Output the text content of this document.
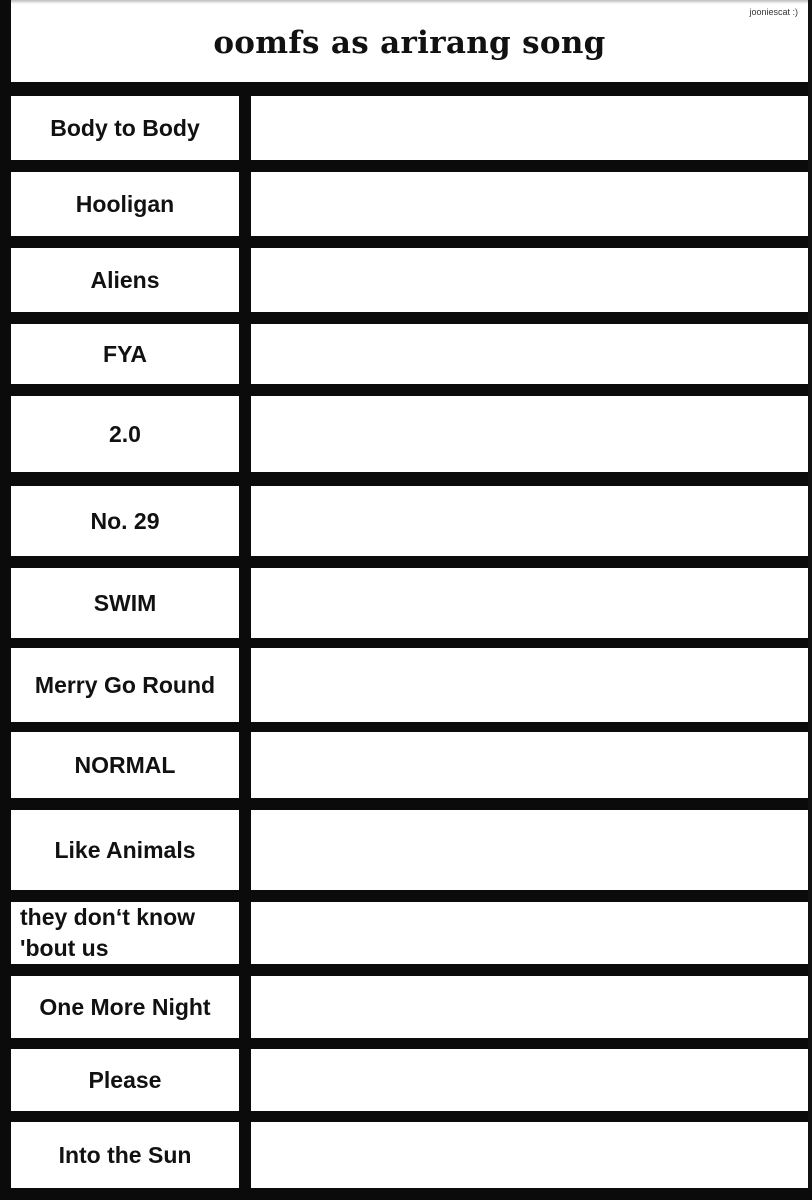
jooniescat :)
oomfs as arirang song
Body to Body
Hooligan
Aliens
FYA
2.0
No. 29
SWIM
Merry Go Round
NORMAL
Like Animals
they don‘t know 'bout us
One More Night
Please
Into the Sun
